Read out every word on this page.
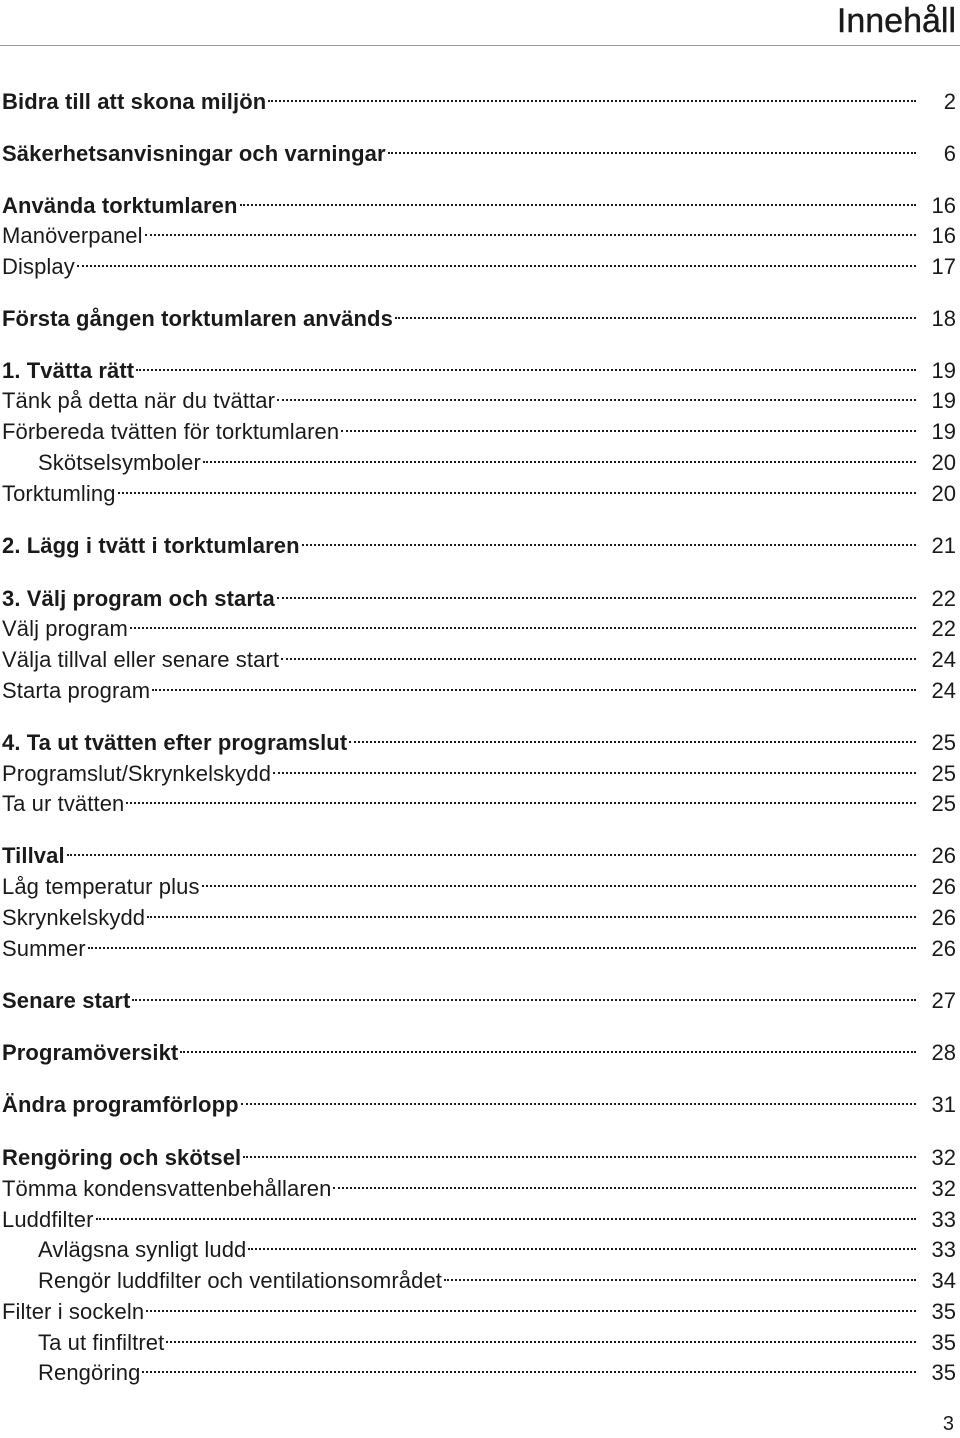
Innehåll
Bidra till att skona miljön	2
Säkerhetsanvisningar och varningar	6
Använda torktumlaren	16
Manöverpanel	16
Display	17
Första gången torktumlaren används	18
1. Tvätta rätt	19
Tänk på detta när du tvättar	19
Förbereda tvätten för torktumlaren	19
Skötselsymboler	20
Torktumling	20
2. Lägg i tvätt i torktumlaren	21
3. Välj program och starta	22
Välj program	22
Välja tillval eller senare start	24
Starta program	24
4. Ta ut tvätten efter programslut	25
Programslut/Skrynkelskydd	25
Ta ur tvätten	25
Tillval	26
Låg temperatur plus	26
Skrynkelskydd	26
Summer	26
Senare start	27
Programöversikt	28
Ändra programförlopp	31
Rengöring och skötsel	32
Tömma kondensvattenbehållaren	32
Luddfilter	33
Avlägsna synligt ludd	33
Rengör luddfilter och ventilationsområdet	34
Filter i sockeln	35
Ta ut finfiltret	35
Rengöring	35
3
